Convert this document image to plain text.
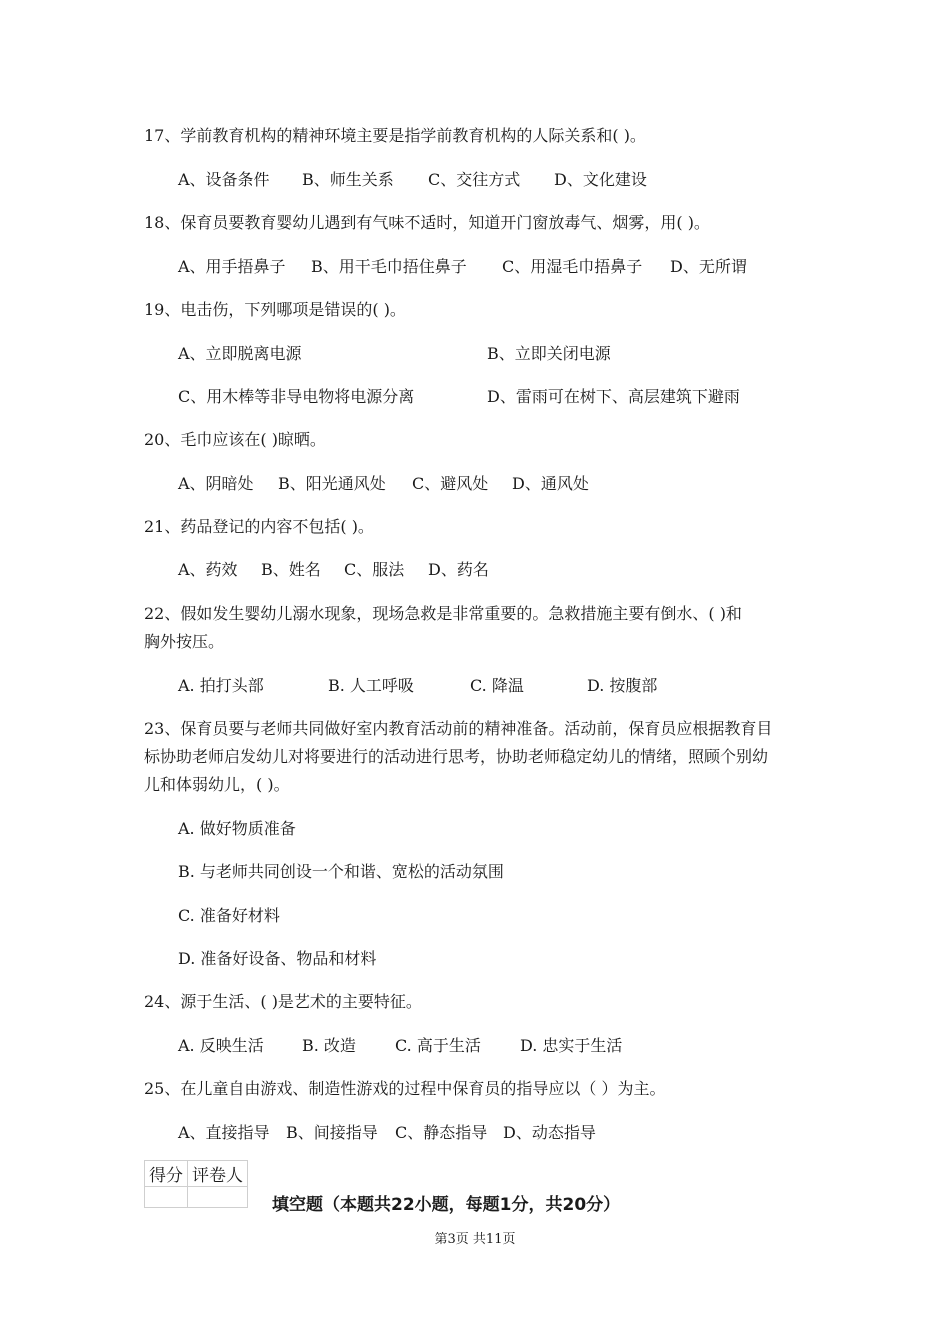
17、学前教育机构的精神环境主要是指学前教育机构的人际关系和( )。
A、设备条件 B、师生关系 C、交往方式 D、文化建设
18、保育员要教育婴幼儿遇到有气味不适时，知道开门窗放毒气、烟雾，用( )。
A、用手捂鼻子 B、用干毛巾捂住鼻子 C、用湿毛巾捂鼻子 D、无所谓
19、电击伤，下列哪项是错误的( )。
A、立即脱离电源	B、立即关闭电源
C、用木棒等非导电物将电源分离	D、雷雨可在树下、高层建筑下避雨
20、毛巾应该在( )晾晒。
A、阴暗处 B、阳光通风处 C、避风处 D、通风处
21、药品登记的内容不包括( )。
A、药效 B、姓名 C、服法 D、药名
22、假如发生婴幼儿溺水现象，现场急救是非常重要的。急救措施主要有倒水、( )和
胸外按压。
A. 拍打头部	B. 人工呼吸	C. 降温	D. 按腹部
23、保育员要与老师共同做好室内教育活动前的精神准备。活动前，保育员应根据教育目
标协助老师启发幼儿对将要进行的活动进行思考，协助老师稳定幼儿的情绪，照顾个别幼
儿和体弱幼儿，( )。
A. 做好物质准备
B. 与老师共同创设一个和谐、宽松的活动氛围
C. 准备好材料
D. 准备好设备、物品和材料
24、源于生活、( )是艺术的主要特征。
A. 反映生活 B. 改造 C. 高于生活 D. 忠实于生活
25、在儿童自由游戏、制造性游戏的过程中保育员的指导应以（ ）为主。
A、直接指导 B、间接指导 C、静态指导 D、动态指导
得分	评卷人

填空题（本题共22小题，每题1分，共20分）
第3页 共11页
